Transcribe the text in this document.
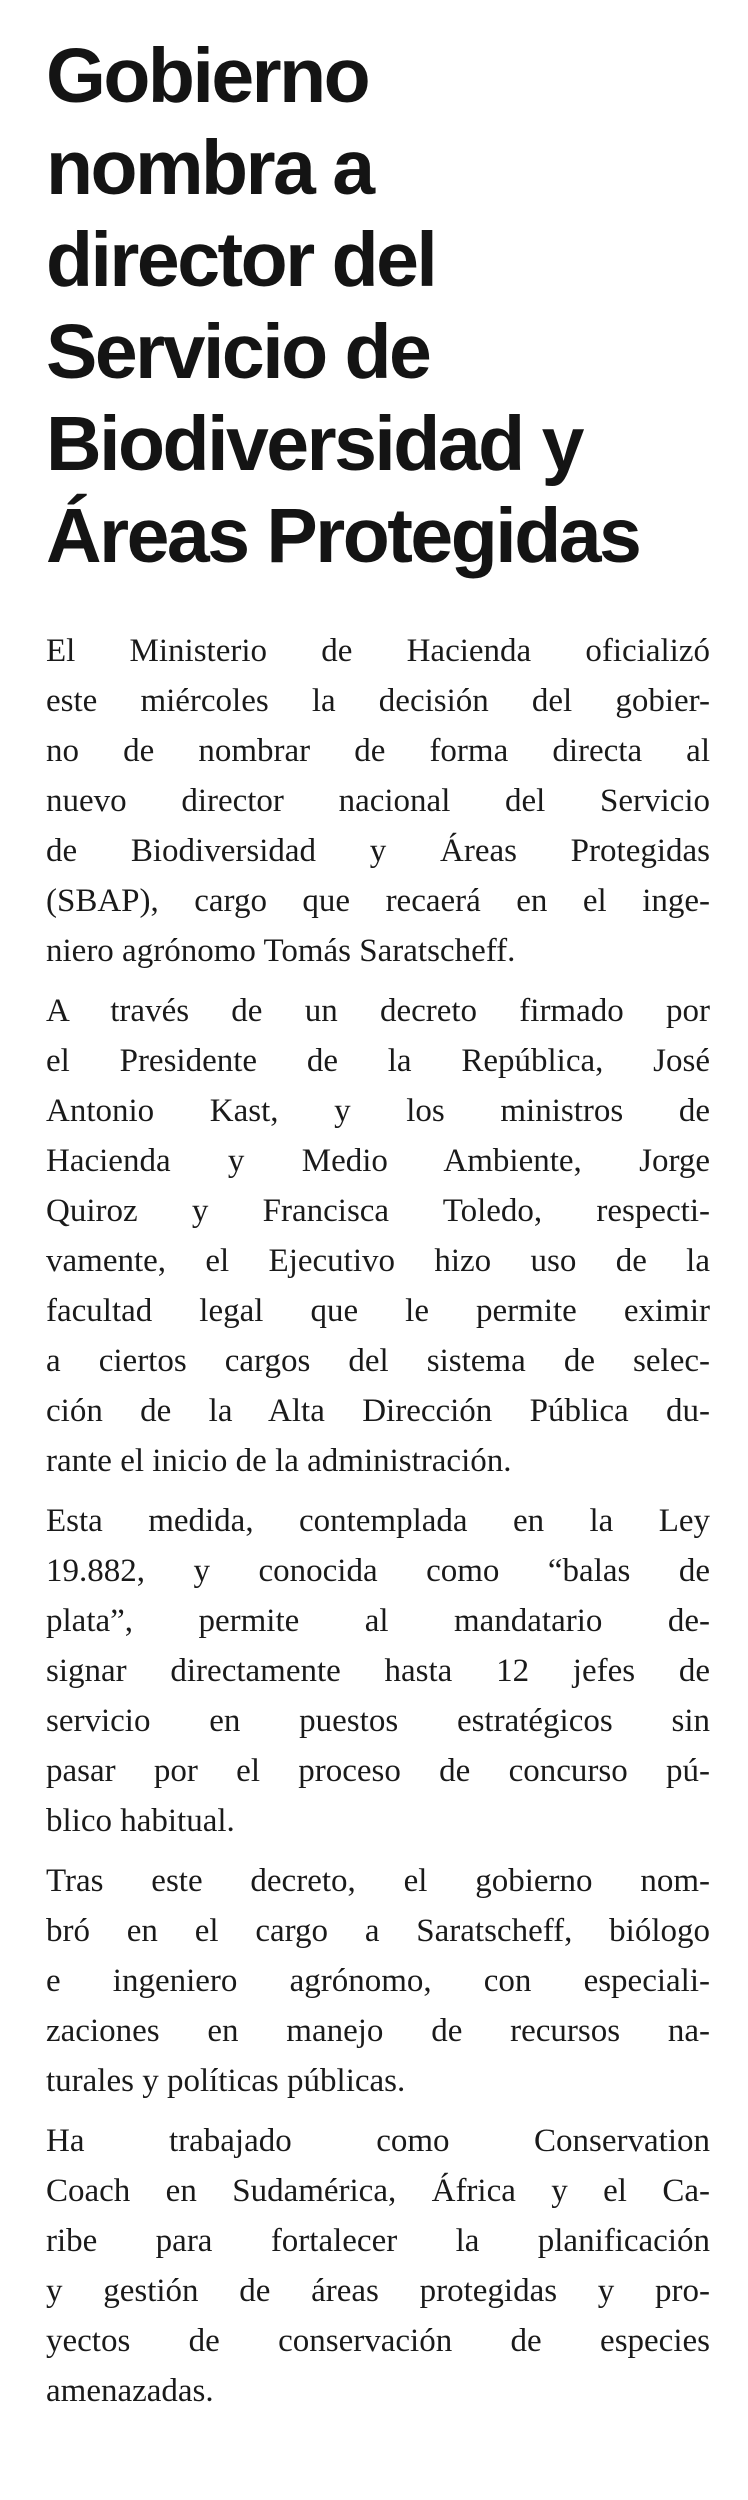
Gobierno
nombra a
director del
Servicio de
Biodiversidad y
Áreas Protegidas

El Ministerio de Hacienda oficializó
este miércoles la decisión del gobier-
no de nombrar de forma directa al
nuevo director nacional del Servicio
de Biodiversidad y Áreas Protegidas
(SBAP), cargo que recaerá en el inge-
niero agrónomo Tomás Saratscheff.

A través de un decreto firmado por
el Presidente de la República, José
Antonio Kast, y los ministros de
Hacienda y Medio Ambiente, Jorge
Quiroz y Francisca Toledo, respecti-
vamente, el Ejecutivo hizo uso de la
facultad legal que le permite eximir
a ciertos cargos del sistema de selec-
ción de la Alta Dirección Pública du-
rante el inicio de la administración.

Esta medida, contemplada en la Ley
19.882, y conocida como “balas de
plata”, permite al mandatario de-
signar directamente hasta 12 jefes de
servicio en puestos estratégicos sin
pasar por el proceso de concurso pú-
blico habitual.

Tras este decreto, el gobierno nom-
bró en el cargo a Saratscheff, biólogo
e ingeniero agrónomo, con especiali-
zaciones en manejo de recursos na-
turales y políticas públicas.

Ha trabajado como Conservation
Coach en Sudamérica, África y el Ca-
ribe para fortalecer la planificación
y gestión de áreas protegidas y pro-
yectos de conservación de especies
amenazadas.
